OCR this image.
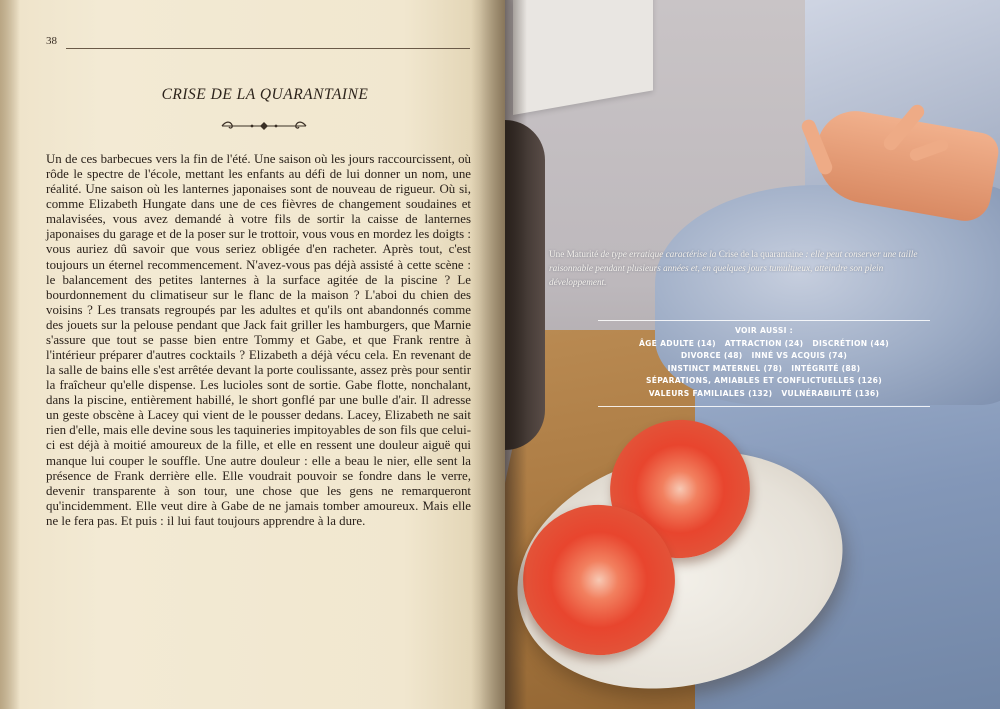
38
CRISE DE LA QUARANTAINE

Un de ces barbecues vers la fin de l'été. Une saison où les jours raccourcissent, où rôde le spectre de l'école, mettant les enfants au défi de lui donner un nom, une réalité. Une saison où les lanternes japonaises sont de nouveau de rigueur. Où si, comme Elizabeth Hungate dans une de ces fièvres de changement soudaines et malavisées, vous avez demandé à votre fils de sortir la caisse de lanternes japonaises du garage et de la poser sur le trottoir, vous vous en mordez les doigts : vous auriez dû savoir que vous seriez obligée d'en racheter. Après tout, c'est toujours un éternel recommencement. N'avez-vous pas déjà assisté à cette scène : le balancement des petites lanternes à la surface agitée de la piscine ? Le bourdonnement du climatiseur sur le flanc de la maison ? L'aboi du chien des voisins ? Les transats regroupés par les adultes et qu'ils ont abandonnés comme des jouets sur la pelouse pendant que Jack fait griller les hamburgers, que Marnie s'assure que tout se passe bien entre Tommy et Gabe, et que Frank rentre à l'intérieur préparer d'autres cocktails ? Elizabeth a déjà vécu cela. En revenant de la salle de bains elle s'est arrêtée devant la porte coulissante, assez près pour sentir la fraîcheur qu'elle dispense. Les lucioles sont de sortie. Gabe flotte, nonchalant, dans la piscine, entièrement habillé, le short gonflé par une bulle d'air. Il adresse un geste obscène à Lacey qui vient de le pousser dedans. Lacey, Elizabeth ne sait rien d'elle, mais elle devine sous les taquineries impitoyables de son fils que celui-ci est déjà à moitié amoureux de la fille, et elle en ressent une douleur aiguë qui manque lui couper le souffle. Une autre douleur : elle a beau le nier, elle sent la présence de Frank derrière elle. Elle voudrait pouvoir se fondre dans le verre, devenir transparente à son tour, une chose que les gens ne remarqueront qu'incidemment. Elle veut dire à Gabe de ne jamais tomber amoureux. Mais elle ne le fera pas. Et puis : il lui faut toujours apprendre à la dure.

Une Maturité de type erratique caractérise la Crise de la quarantaine : elle peut conserver une taille raisonnable pendant plusieurs années et, en quelques jours tumultueux, atteindre son plein développement.
VOIR AUSSI :
ÂGE ADULTE (14) ATTRACTION (24) DISCRÉTION (44)
DIVORCE (48) INNÉ VS ACQUIS (74)
INSTINCT MATERNEL (78) INTÉGRITÉ (88)
SÉPARATIONS, AMIABLES ET CONFLICTUELLES (126)
VALEURS FAMILIALES (132) VULNÉRABILITÉ (136)
